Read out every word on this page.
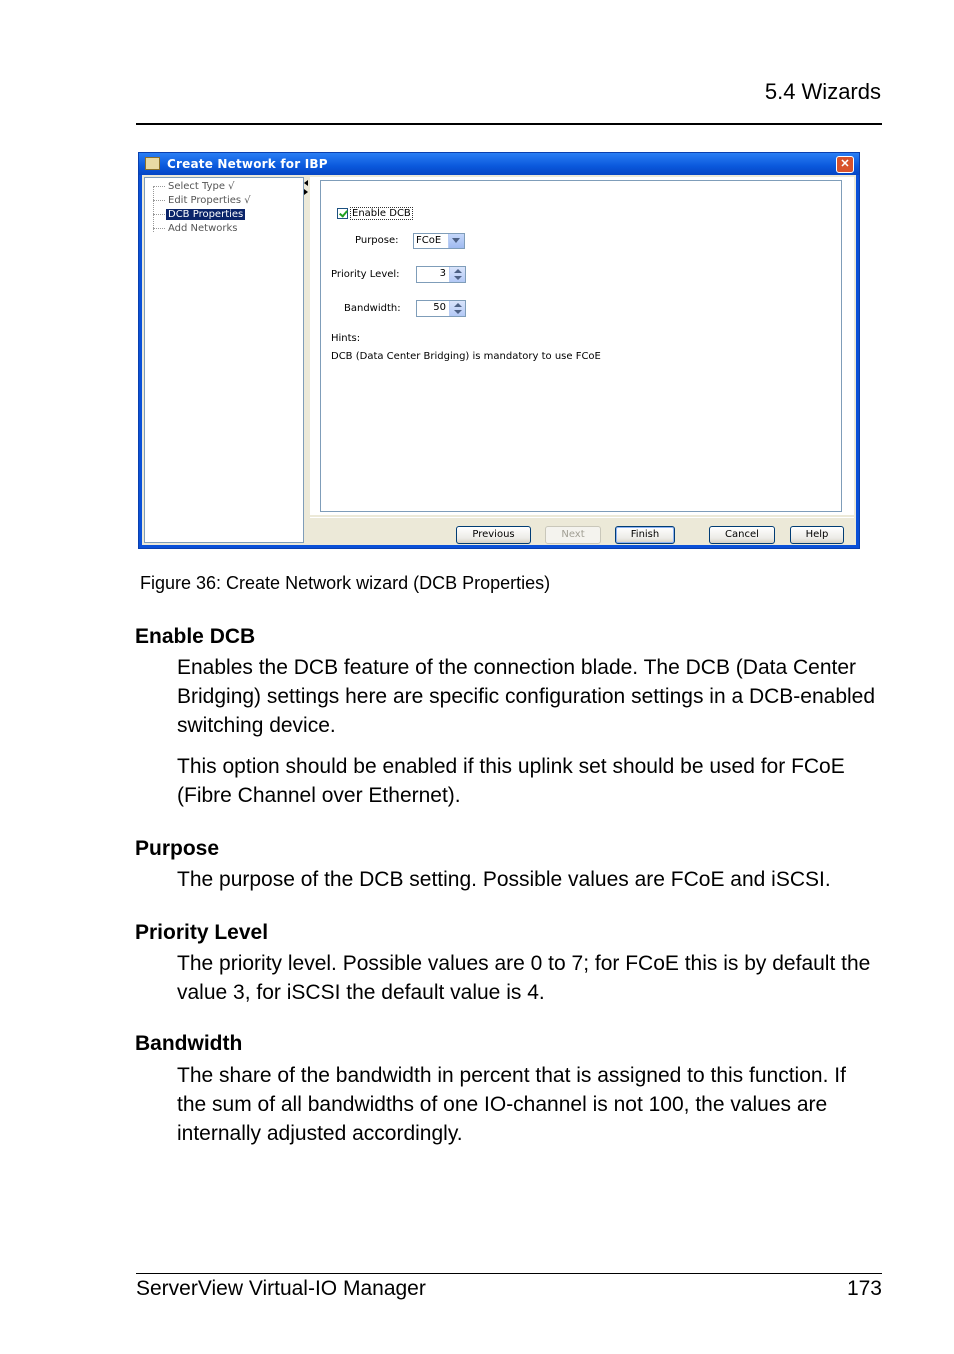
5.4 Wizards
Create Network for IBP	✕
Select Type √
Edit Properties √
DCB Properties
Add Networks
Enable DCB
Purpose: FCoE
Priority Level:	3
Bandwidth:	50
Hints:
DCB (Data Center Bridging) is mandatory to use FCoE
Previous	Next	Finish	Cancel	Help
Figure 36: Create Network wizard (DCB Properties)
Enable DCB
Enables the DCB feature of the connection blade. The DCB (Data Center Bridging) settings here are specific configuration settings in a DCB-enabled switching device.
This option should be enabled if this uplink set should be used for FCoE (Fibre Channel over Ethernet).
Purpose
The purpose of the DCB setting. Possible values are FCoE and iSCSI.
Priority Level
The priority level. Possible values are 0 to 7; for FCoE this is by default the value 3, for iSCSI the default value is 4.
Bandwidth
The share of the bandwidth in percent that is assigned to this function. If the sum of all bandwidths of one IO-channel is not 100, the values are internally adjusted accordingly.
ServerView Virtual-IO Manager	173
